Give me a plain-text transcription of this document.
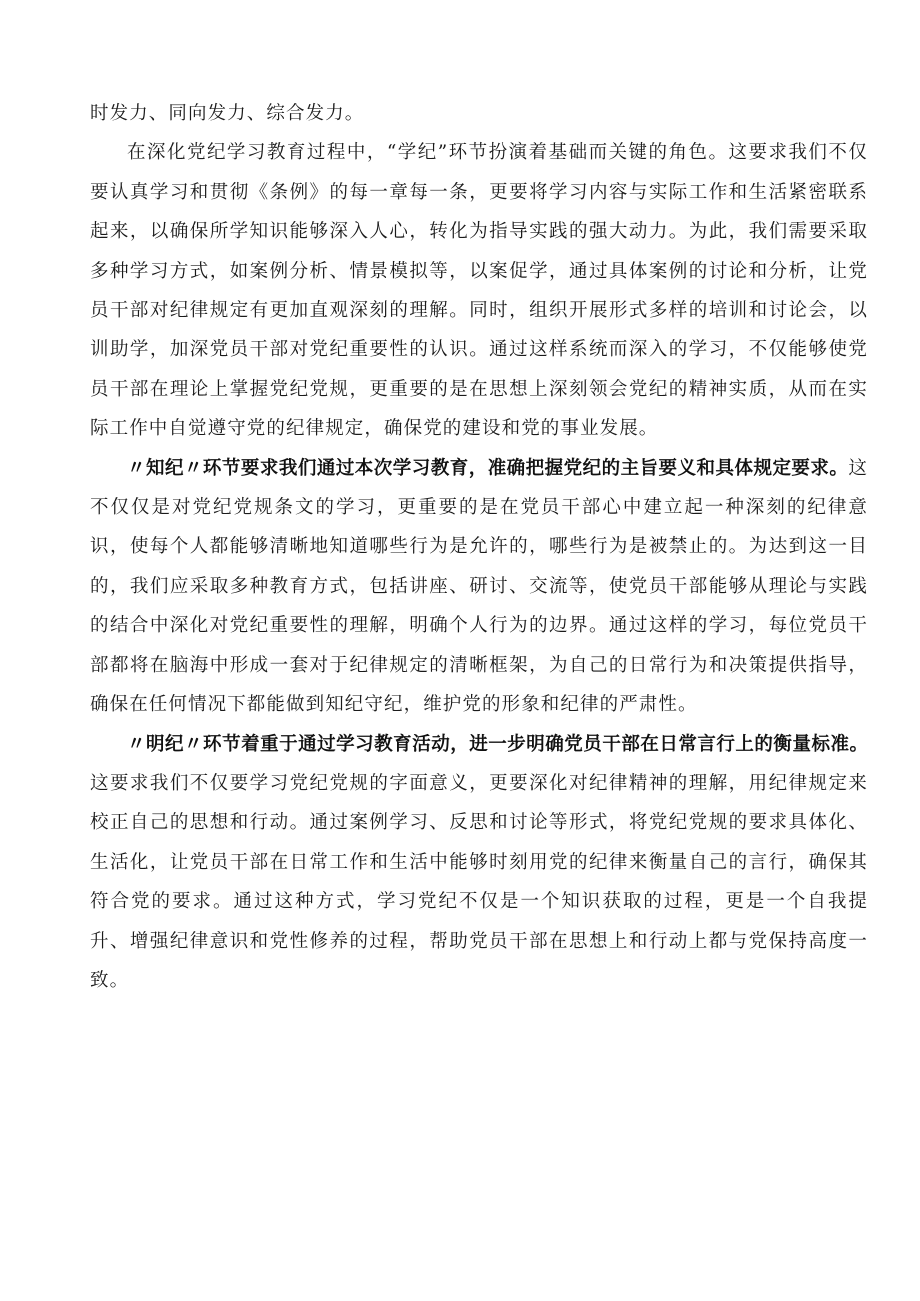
时发力、同向发力、综合发力。

在深化党纪学习教育过程中，“学纪”环节扮演着基础而关键的角色。这要求我们不仅要认真学习和贯彻《条例》的每一章每一条，更要将学习内容与实际工作和生活紧密联系起来，以确保所学知识能够深入人心，转化为指导实践的强大动力。为此，我们需要采取多种学习方式，如案例分析、情景模拟等，以案促学，通过具体案例的讨论和分析，让党员干部对纪律规定有更加直观深刻的理解。同时，组织开展形式多样的培训和讨论会，以训助学，加深党员干部对党纪重要性的认识。通过这样系统而深入的学习，不仅能够使党员干部在理论上掌握党纪党规，更重要的是在思想上深刻领会党纪的精神实质，从而在实际工作中自觉遵守党的纪律规定，确保党的建设和党的事业发展。

〃知纪〃环节要求我们通过本次学习教育，准确把握党纪的主旨要义和具体规定要求。这不仅仅是对党纪党规条文的学习，更重要的是在党员干部心中建立起一种深刻的纪律意识，使每个人都能够清晰地知道哪些行为是允许的，哪些行为是被禁止的。为达到这一目的，我们应采取多种教育方式，包括讲座、研讨、交流等，使党员干部能够从理论与实践的结合中深化对党纪重要性的理解，明确个人行为的边界。通过这样的学习，每位党员干部都将在脑海中形成一套对于纪律规定的清晰框架，为自己的日常行为和决策提供指导，确保在任何情况下都能做到知纪守纪，维护党的形象和纪律的严肃性。

〃明纪〃环节着重于通过学习教育活动，进一步明确党员干部在日常言行上的衡量标准。这要求我们不仅要学习党纪党规的字面意义，更要深化对纪律精神的理解，用纪律规定来校正自己的思想和行动。通过案例学习、反思和讨论等形式，将党纪党规的要求具体化、生活化，让党员干部在日常工作和生活中能够时刻用党的纪律来衡量自己的言行，确保其符合党的要求。通过这种方式，学习党纪不仅是一个知识获取的过程，更是一个自我提升、增强纪律意识和党性修养的过程，帮助党员干部在思想上和行动上都与党保持高度一致。
